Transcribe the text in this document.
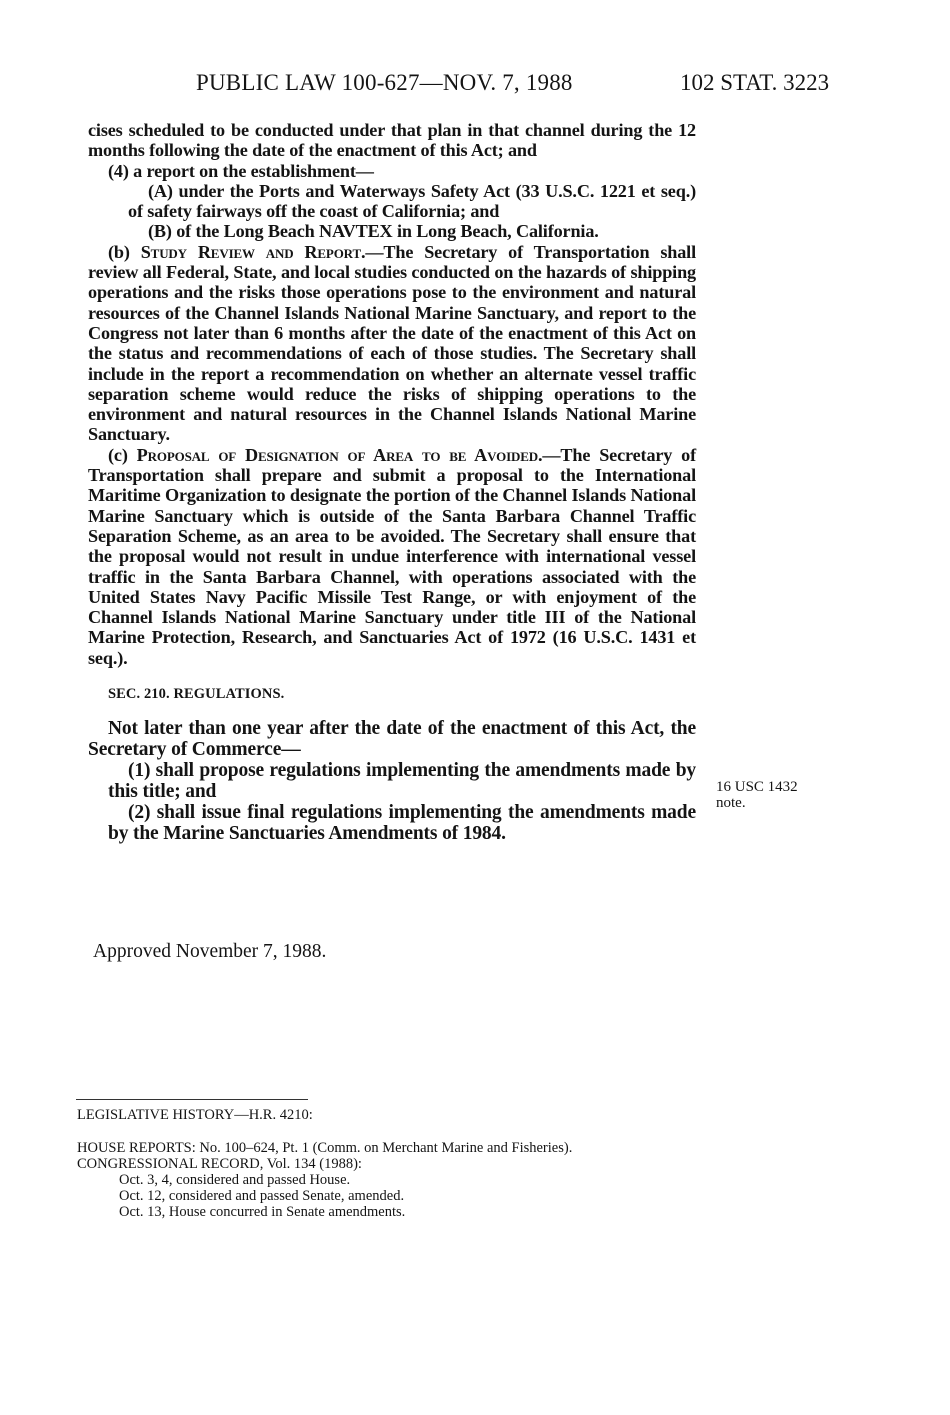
PUBLIC LAW 100-627—NOV. 7, 1988	102 STAT. 3223

cises scheduled to be conducted under that plan in that channel during the 12 months following the date of the enactment of this Act; and

(4) a report on the establishment—

(A) under the Ports and Waterways Safety Act (33 U.S.C. 1221 et seq.) of safety fairways off the coast of California; and

(B) of the Long Beach NAVTEX in Long Beach, California.

(b) Study Review and Report.—The Secretary of Transportation shall review all Federal, State, and local studies conducted on the hazards of shipping operations and the risks those operations pose to the environment and natural resources of the Channel Islands National Marine Sanctuary, and report to the Congress not later than 6 months after the date of the enactment of this Act on the status and recommendations of each of those studies. The Secretary shall include in the report a recommendation on whether an alternate vessel traffic separation scheme would reduce the risks of shipping operations to the environment and natural resources in the Channel Islands National Marine Sanctuary.

(c) Proposal of Designation of Area to be Avoided.—The Secretary of Transportation shall prepare and submit a proposal to the International Maritime Organization to designate the portion of the Channel Islands National Marine Sanctuary which is outside of the Santa Barbara Channel Traffic Separation Scheme, as an area to be avoided. The Secretary shall ensure that the proposal would not result in undue interference with international vessel traffic in the Santa Barbara Channel, with operations associated with the United States Navy Pacific Missile Test Range, or with enjoyment of the Channel Islands National Marine Sanctuary under title III of the National Marine Protection, Research, and Sanctuaries Act of 1972 (16 U.S.C. 1431 et seq.).

SEC. 210. REGULATIONS.

Not later than one year after the date of the enactment of this Act, the Secretary of Commerce—

(1) shall propose regulations implementing the amendments made by this title; and

(2) shall issue final regulations implementing the amendments made by the Marine Sanctuaries Amendments of 1984.

16 USC 1432
note.
Approved November 7, 1988.
LEGISLATIVE HISTORY—H.R. 4210:
HOUSE REPORTS: No. 100–624, Pt. 1 (Comm. on Merchant Marine and Fisheries).
CONGRESSIONAL RECORD, Vol. 134 (1988):
Oct. 3, 4, considered and passed House.
Oct. 12, considered and passed Senate, amended.
Oct. 13, House concurred in Senate amendments.
